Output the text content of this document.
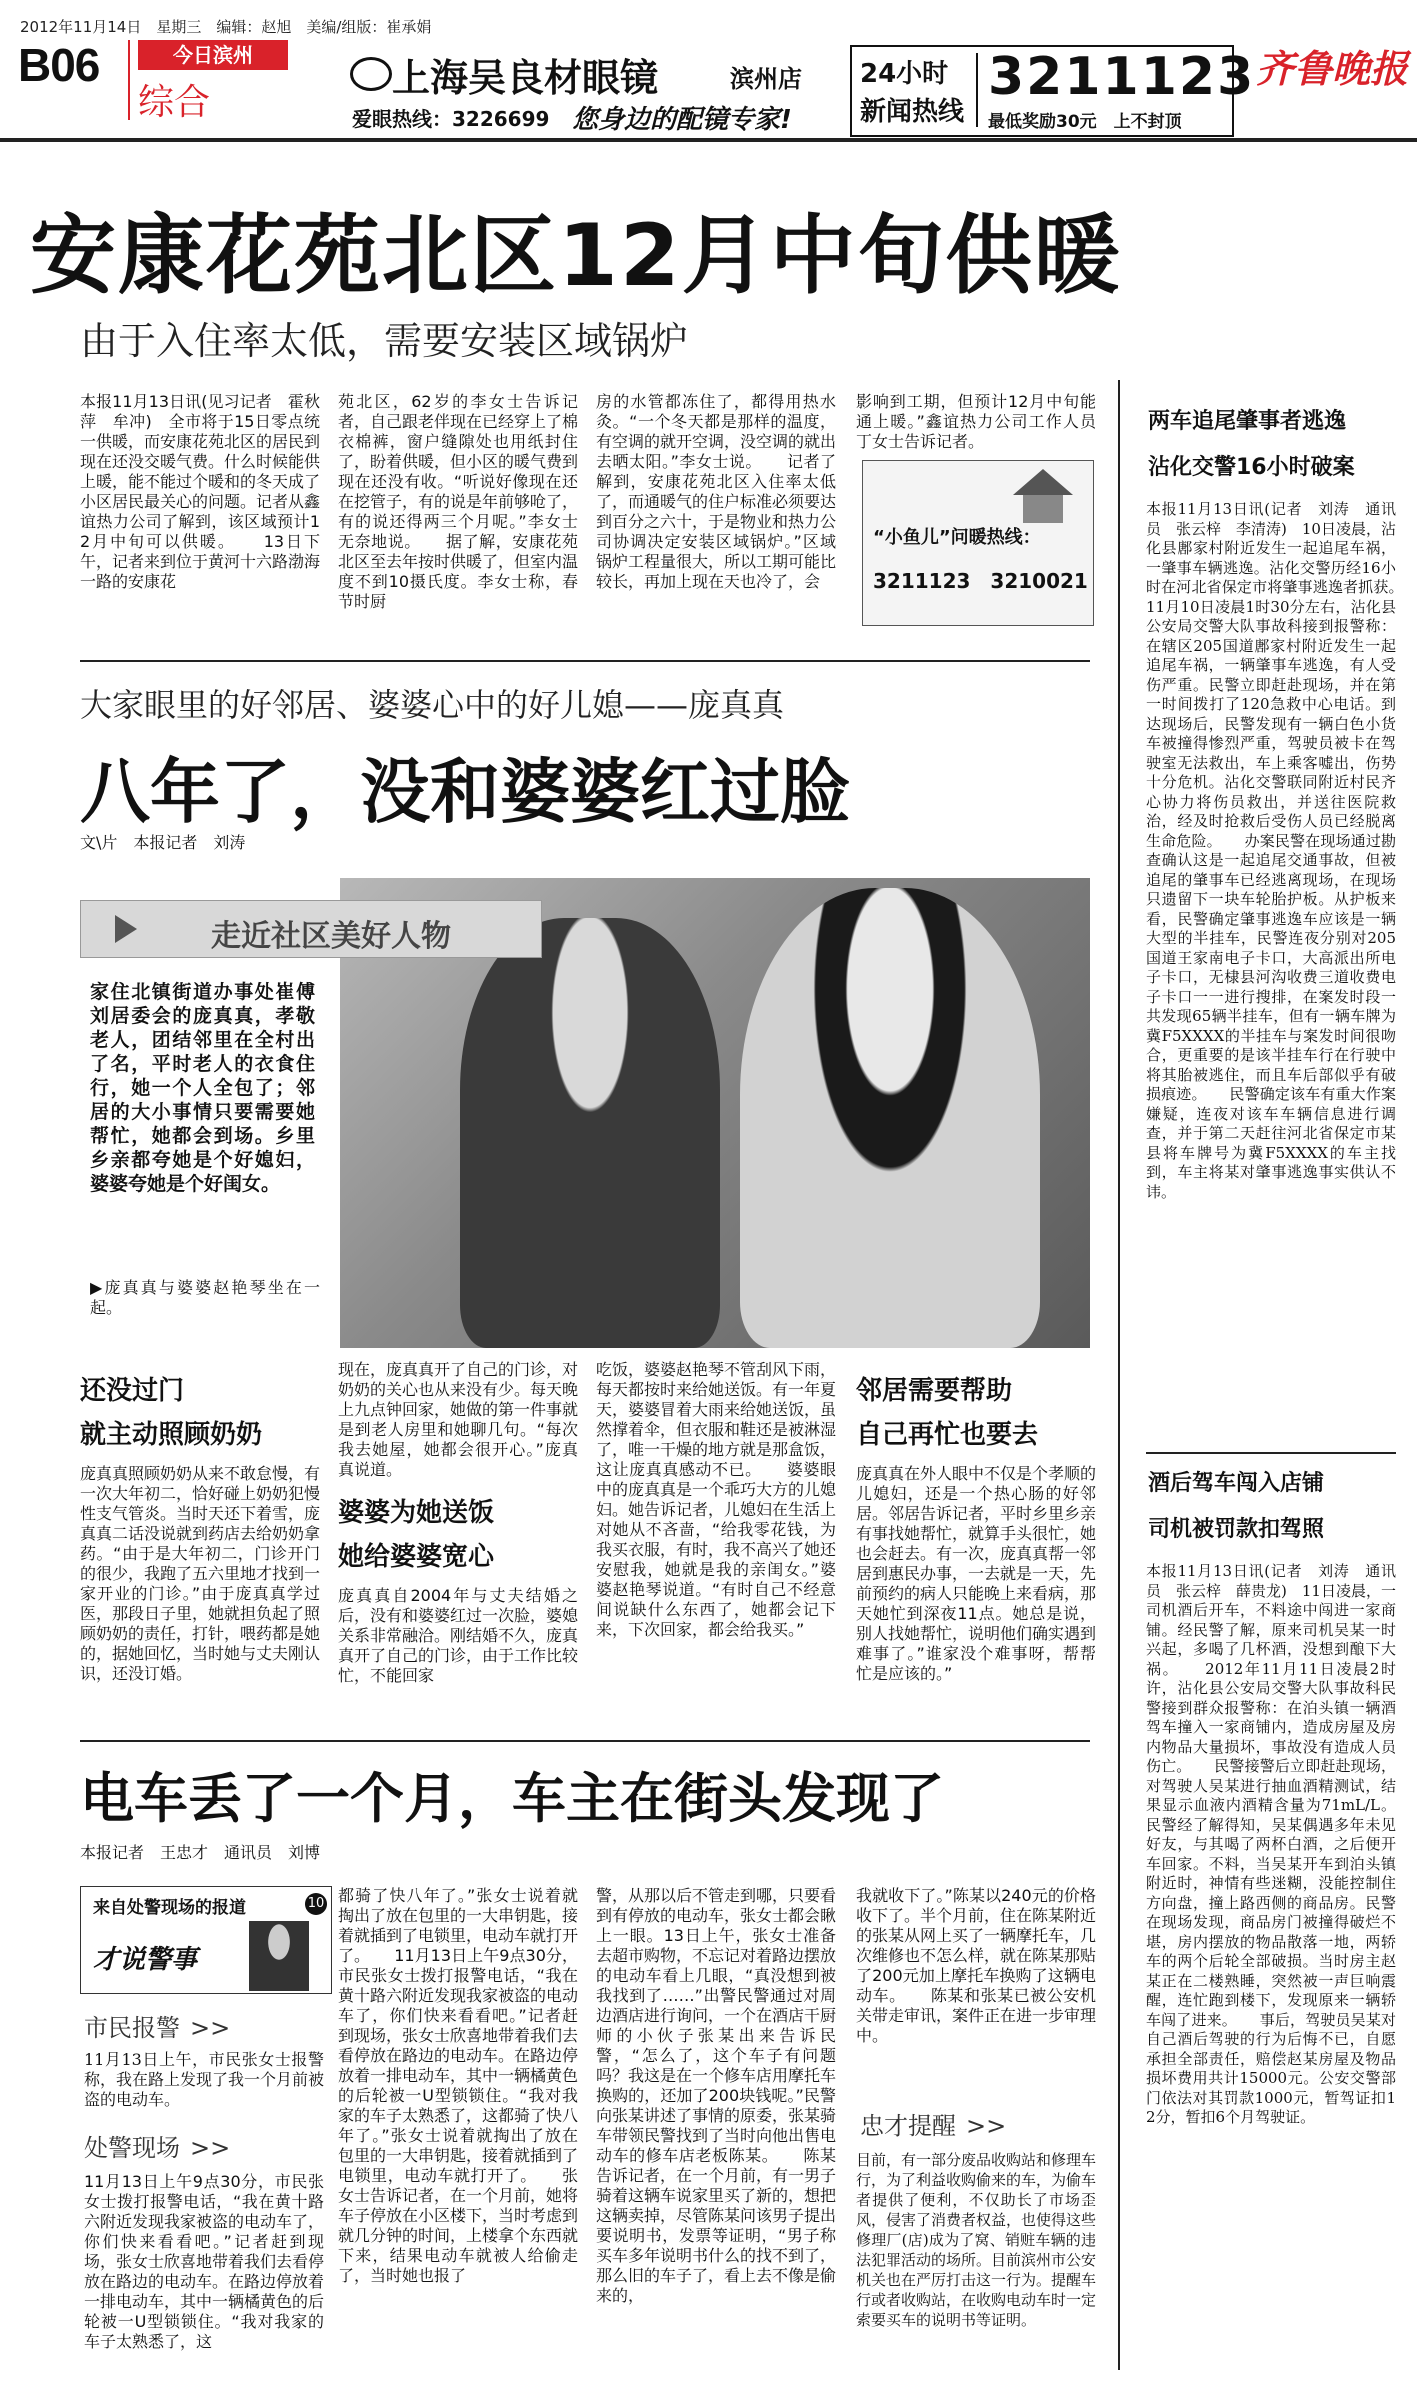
2012年11月14日　星期三　编辑：赵旭　美编/组版：崔承娟
B06	今日滨州
综合
上海吴良材眼镜	滨州店
爱眼热线：3226699 您身边的配镜专家!
24小时
新闻热线
3211123
最低奖励30元　上不封顶
齐鲁晚报
安康花苑北区12月中旬供暖
由于入住率太低，需要安装区域锅炉
本报11月13日讯(见习记者　霍秋萍　牟冲)　全市将于15日零点统一供暖，而安康花苑北区的居民到现在还没交暖气费。什么时候能供上暖，能不能过个暖和的冬天成了小区居民最关心的问题。记者从鑫谊热力公司了解到，该区域预计12月中旬可以供暖。　　13日下午，记者来到位于黄河十六路渤海一路的安康花
苑北区，62岁的李女士告诉记者，自己跟老伴现在已经穿上了棉衣棉裤，窗户缝隙处也用纸封住了，盼着供暖，但小区的暖气费到现在还没有收。“听说好像现在还在挖管子，有的说是年前够呛了，有的说还得两三个月呢。”李女士无奈地说。　　据了解，安康花苑北区至去年按时供暖了，但室内温度不到10摄氏度。李女士称，春节时厨
房的水管都冻住了，都得用热水灸。“一个冬天都是那样的温度，有空调的就开空调，没空调的就出去晒太阳。”李女士说。　　记者了解到，安康花苑北区入住率太低了，而通暖气的住户标准必须要达到百分之六十，于是物业和热力公司协调决定安装区域锅炉。”区域锅炉工程量很大，所以工期可能比较长，再加上现在天也冷了，会
影响到工期，但预计12月中旬能通上暖。”鑫谊热力公司工作人员丁女士告诉记者。
“小鱼儿”问暖热线：
3211123　3210021
大家眼里的好邻居、婆婆心中的好儿媳——庞真真
八年了，没和婆婆红过脸
文\片　本报记者　刘涛
走近社区美好人物
家住北镇街道办事处崔傅刘居委会的庞真真，孝敬老人，团结邻里在全村出了名，平时老人的衣食住行，她一个人全包了；邻居的大小事情只要需要她帮忙，她都会到场。乡里乡亲都夸她是个好媳妇，婆婆夸她是个好闺女。
▶庞真真与婆婆赵艳琴坐在一起。
还没过门
就主动照顾奶奶
庞真真照顾奶奶从来不敢怠慢，有一次大年初二，恰好碰上奶奶犯慢性支气管炎。当时天还下着雪，庞真真二话没说就到药店去给奶奶拿药。“由于是大年初二，门诊开门的很少，我跑了五六里地才找到一家开业的门诊。”由于庞真真学过医，那段日子里，她就担负起了照顾奶奶的责任，打针，喂药都是她的，据她回忆，当时她与丈夫刚认识，还没订婚。
现在，庞真真开了自己的门诊，对奶奶的关心也从来没有少。每天晚上九点钟回家，她做的第一件事就是到老人房里和她聊几句。“每次我去她屋，她都会很开心。”庞真真说道。
婆婆为她送饭
她给婆婆宽心
庞真真自2004年与丈夫结婚之后，没有和婆婆红过一次脸，婆媳关系非常融洽。刚结婚不久，庞真真开了自己的门诊，由于工作比较忙，不能回家
吃饭，婆婆赵艳琴不管刮风下雨，每天都按时来给她送饭。有一年夏天，婆婆冒着大雨来给她送饭，虽然撑着伞，但衣服和鞋还是被淋湿了，唯一干燥的地方就是那盒饭，这让庞真真感动不已。　　婆婆眼中的庞真真是一个乖巧大方的儿媳妇。她告诉记者，儿媳妇在生活上对她从不吝啬，“给我零花钱，为我买衣服，有时，我不高兴了她还安慰我，她就是我的亲闺女。”婆婆赵艳琴说道。“有时自己不经意间说缺什么东西了，她都会记下来，下次回家，都会给我买。”
邻居需要帮助
自己再忙也要去
庞真真在外人眼中不仅是个孝顺的儿媳妇，还是一个热心肠的好邻居。邻居告诉记者，平时乡里乡亲有事找她帮忙，就算手头很忙，她也会赶去。有一次，庞真真帮一邻居到惠民办事，一去就是一天，先前预约的病人只能晚上来看病，那天她忙到深夜11点。她总是说，别人找她帮忙，说明他们确实遇到难事了。”谁家没个难事呀，帮帮忙是应该的。”
电车丢了一个月，车主在街头发现了
本报记者　王忠才　通讯员　刘博
来自处警现场的报道	10
才说警事
市民报警 >>
11月13日上午，市民张女士报警称，我在路上发现了我一个月前被盗的电动车。
处警现场 >>
11月13日上午9点30分，市民张女士拨打报警电话，“我在黄十路六附近发现我家被盗的电动车了，你们快来看看吧。”记者赶到现场，张女士欣喜地带着我们去看停放在路边的电动车。在路边停放着一排电动车，其中一辆橘黄色的后轮被一U型锁锁住。“我对我家的车子太熟悉了，这
都骑了快八年了。”张女士说着就掏出了放在包里的一大串钥匙，接着就插到了电锁里，电动车就打开了。　　11月13日上午9点30分，市民张女士拨打报警电话，“我在黄十路六附近发现我家被盗的电动车了，你们快来看看吧。”记者赶到现场，张女士欣喜地带着我们去看停放在路边的电动车。在路边停放着一排电动车，其中一辆橘黄色的后轮被一U型锁锁住。“我对我家的车子太熟悉了，这都骑了快八年了。”张女士说着就掏出了放在包里的一大串钥匙，接着就插到了电锁里，电动车就打开了。　　张女士告诉记者，在一个月前，她将车子停放在小区楼下，当时考虑到就几分钟的时间，上楼拿个东西就下来，结果电动车就被人给偷走了，当时她也报了
警，从那以后不管走到哪，只要看到有停放的电动车，张女士都会瞅上一眼。13日上午，张女士准备去超市购物，不忘记对着路边摆放的电动车看上几眼，“真没想到被我找到了……”出警民警通过对周边酒店进行询问，一个在酒店干厨师的小伙子张某出来告诉民警，“怎么了，这个车子有问题吗？我这是在一个修车店用摩托车换购的，还加了200块钱呢。”民警向张某讲述了事情的原委，张某骑车带领民警找到了当时向他出售电动车的修车店老板陈某。　　陈某告诉记者，在一个月前，有一男子骑着这辆车说家里买了新的，想把这辆卖掉，尽管陈某问该男子提出要说明书，发票等证明，“男子称买车多年说明书什么的找不到了，那么旧的车子了，看上去不像是偷来的，
我就收下了。”陈某以240元的价格收下了。半个月前，住在陈某附近的张某从网上买了一辆摩托车，几次维修也不怎么样，就在陈某那贴了200元加上摩托车换购了这辆电动车。　　陈某和张某已被公安机关带走审讯，案件正在进一步审理中。
忠才提醒 >>
目前，有一部分废品收购站和修理车行，为了利益收购偷来的车，为偷车者提供了便利，不仅助长了市场歪风，侵害了消费者权益，也使得这些修理厂(店)成为了窝、销赃车辆的违法犯罪活动的场所。目前滨州市公安机关也在严厉打击这一行为。提醒车行或者收购站，在收购电动车时一定索要买车的说明书等证明。
两车追尾肇事者逃逸
沾化交警16小时破案
本报11月13日讯(记者　刘涛　通讯员　张云梓　李清涛)　10日凌晨，沾化县鄌家村附近发生一起追尾车祸，一肇事车辆逃逸。沾化交警历经16小时在河北省保定市将肇事逃逸者抓获。　　11月10日凌晨1时30分左右，沾化县公安局交警大队事故科接到报警称：在辖区205国道鄌家村附近发生一起追尾车祸，一辆肇事车逃逸，有人受伤严重。民警立即赶赴现场，并在第一时间拨打了120急救中心电话。到达现场后，民警发现有一辆白色小货车被撞得惨烈严重，驾驶员被卡在驾驶室无法救出，车上乘客嘘出，伤势十分危机。沾化交警联同附近村民齐心协力将伤员救出，并送往医院救治，经及时抢救后受伤人员已经脱离生命危险。　　办案民警在现场通过勘查确认这是一起追尾交通事故，但被追尾的肇事车已经逃离现场，在现场只遗留下一块车轮胎护板。从护板来看，民警确定肇事逃逸车应该是一辆大型的半挂车，民警连夜分别对205国道王家南电子卡口，大高派出所电子卡口，无棣县河沟收费三道收费电子卡口一一进行搜排，在案发时段一共发现65辆半挂车，但有一辆车牌为冀F5XXXX的半挂车与案发时间很吻合，更重要的是该半挂车行在行驶中将其胎被逃住，而且车后部似乎有破损痕迹。　　民警确定该车有重大作案嫌疑，连夜对该车车辆信息进行调查，并于第二天赶往河北省保定市某县将车牌号为冀F5XXXX的车主找到，车主将某对肇事逃逸事实供认不讳。
酒后驾车闯入店铺
司机被罚款扣驾照
本报11月13日讯(记者　刘涛　通讯员　张云梓　薛贵龙)　11日凌晨，一司机酒后开车，不料途中闯进一家商铺。经民警了解，原来司机吴某一时兴起，多喝了几杯酒，没想到酿下大祸。　　2012年11月11日凌晨2时许，沾化县公安局交警大队事故科民警接到群众报警称：在泊头镇一辆酒驾车撞入一家商铺内，造成房屋及房内物品大量损坏，事故没有造成人员伤亡。　　民警接警后立即赶赴现场，对驾驶人吴某进行抽血酒精测试，结果显示血液内酒精含量为71mL/L。民警经了解得知，吴某偶遇多年未见好友，与其喝了两杯白酒，之后便开车回家。不料，当吴某开车到泊头镇附近时，神情有些迷糊，没能控制住方向盘，撞上路西侧的商品房。民警在现场发现，商品房门被撞得破烂不堪，房内摆放的物品散落一地，两轿车的两个后轮全部破损。当时房主赵某正在二楼熟睡，突然被一声巨响震醒，连忙跑到楼下，发现原来一辆轿车闯了进来。　　事后，驾驶员吴某对自己酒后驾驶的行为后悔不已，自愿承担全部责任，赔偿赵某房屋及物品损坏费用共计15000元。公安交警部门依法对其罚款1000元，暂驾证扣12分，暂扣6个月驾驶证。
